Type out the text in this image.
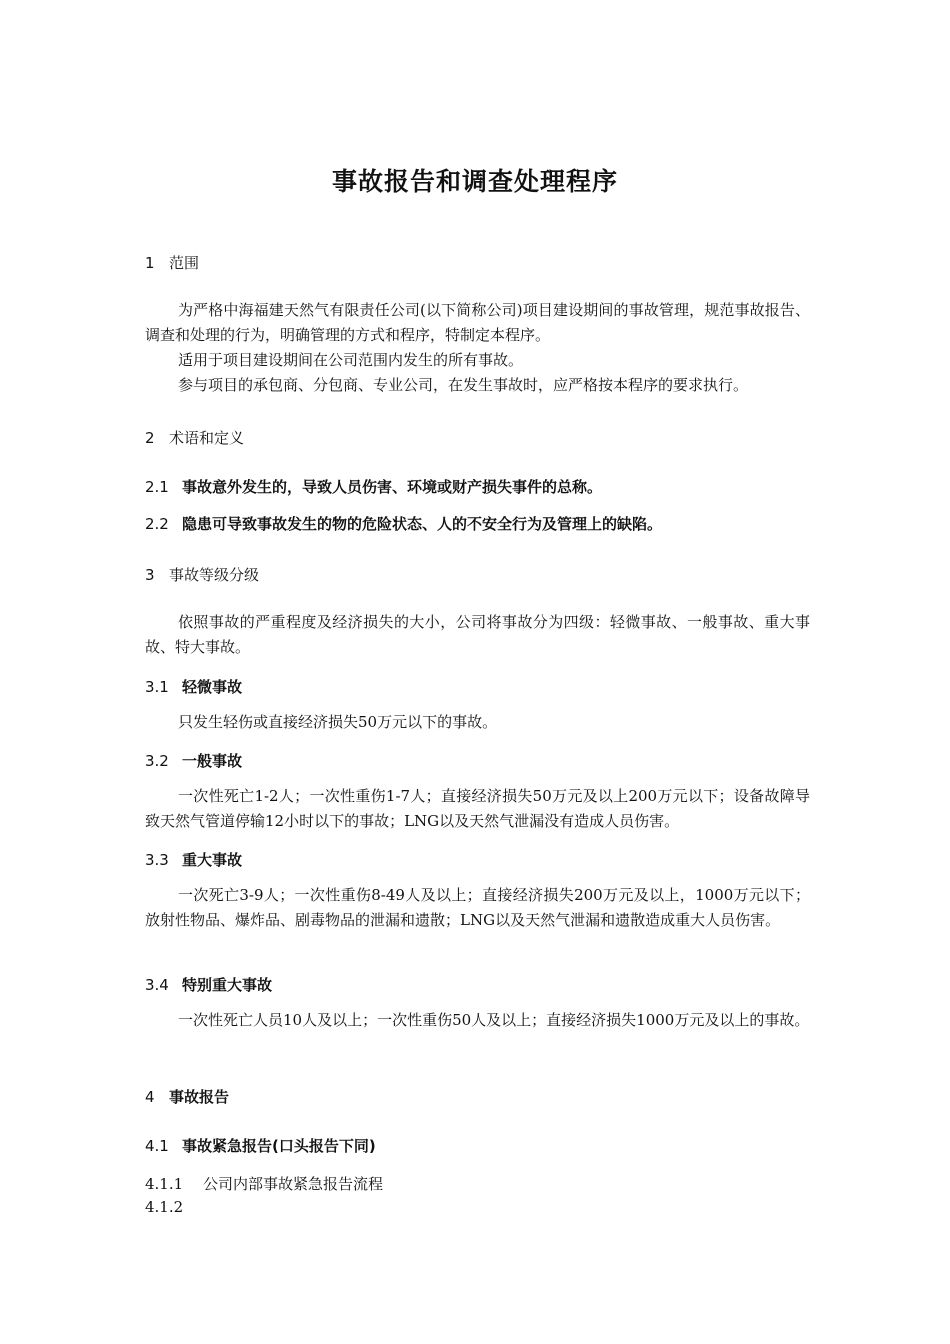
事故报告和调查处理程序
1 范围

为严格中海福建天然气有限责任公司(以下简称公司)项目建设期间的事故管理，规范事故报告、调查和处理的行为，明确管理的方式和程序，特制定本程序。

适用于项目建设期间在公司范围内发生的所有事故。

参与项目的承包商、分包商、专业公司，在发生事故时，应严格按本程序的要求执行。

2 术语和定义
2.1 事故意外发生的，导致人员伤害、环境或财产损失事件的总称。
2.2 隐患可导致事故发生的物的危险状态、人的不安全行为及管理上的缺陷。
3 事故等级分级

依照事故的严重程度及经济损失的大小，公司将事故分为四级：轻微事故、一般事故、重大事故、特大事故。

3.1 轻微事故

只发生轻伤或直接经济损失50万元以下的事故。

3.2 一般事故

一次性死亡1-2人；一次性重伤1-7人；直接经济损失50万元及以上200万元以下；设备故障导致天然气管道停输12小时以下的事故；LNG以及天然气泄漏没有造成人员伤害。

3.3 重大事故

一次死亡3-9人；一次性重伤8-49人及以上；直接经济损失200万元及以上，1000万元以下；放射性物品、爆炸品、剧毒物品的泄漏和遗散；LNG以及天然气泄漏和遗散造成重大人员伤害。

3.4 特别重大事故

一次性死亡人员10人及以上；一次性重伤50人及以上；直接经济损失1000万元及以上的事故。

4 事故报告
4.1 事故紧急报告(口头报告下同)
4.1.1 公司内部事故紧急报告流程
4.1.2
